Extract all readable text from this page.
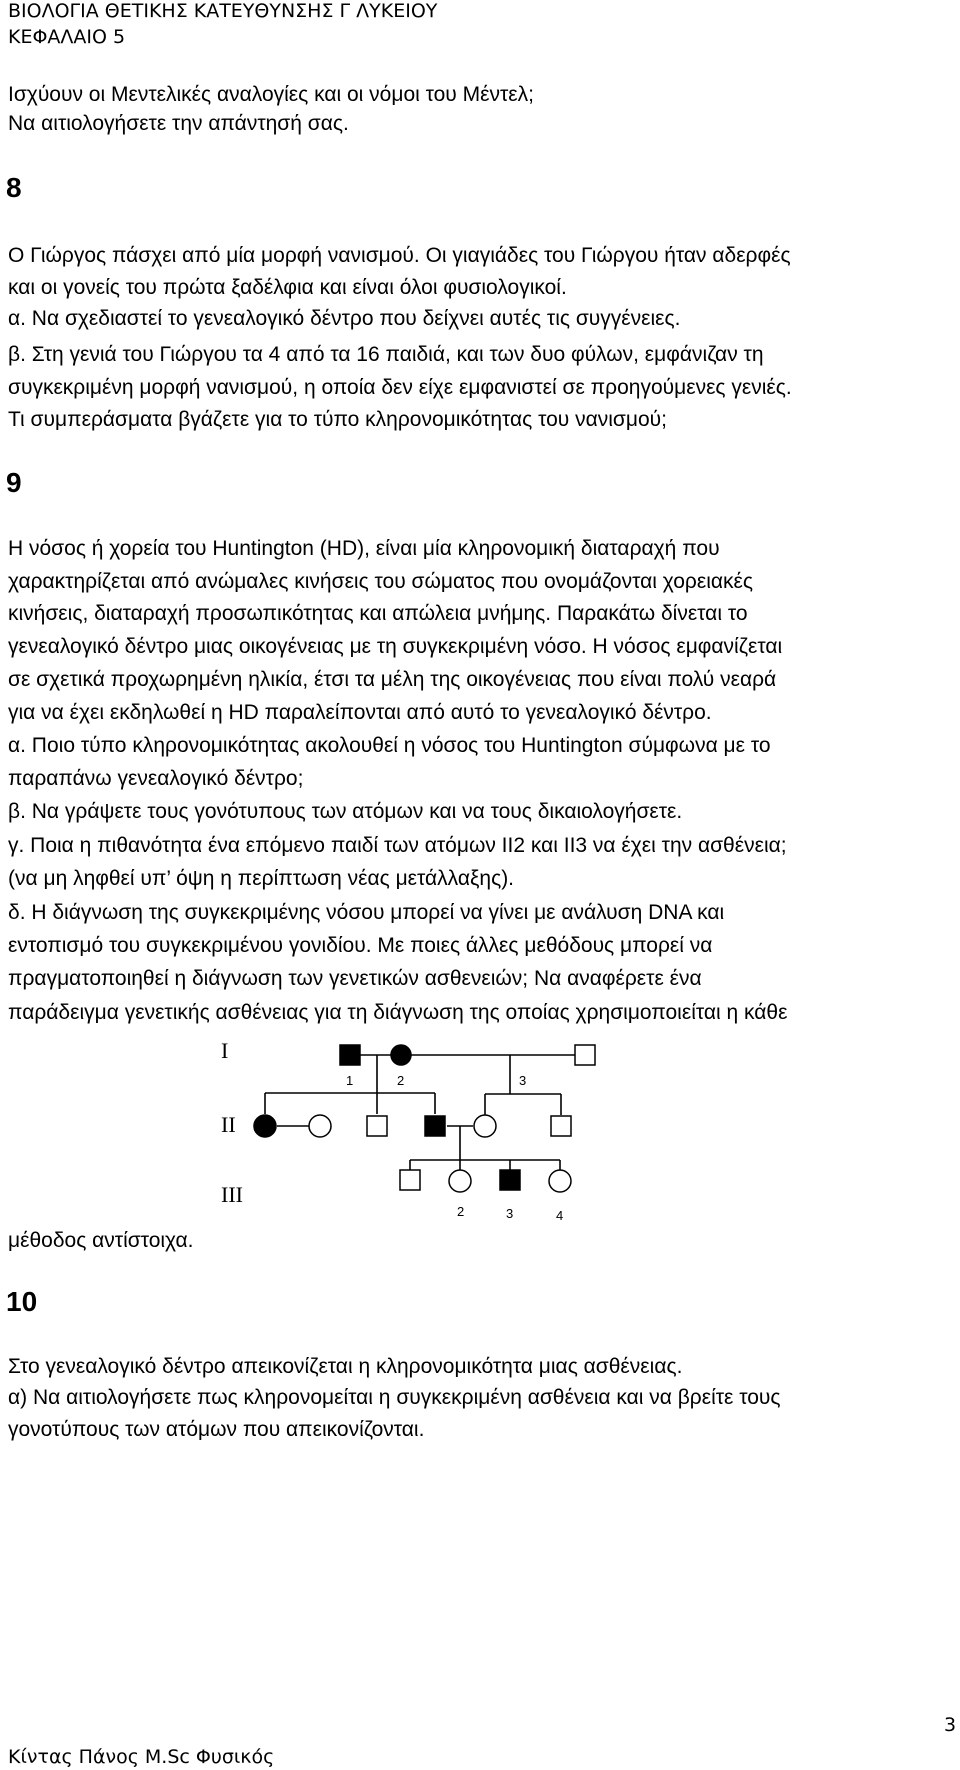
ΒΙΟΛΟΓΙΑ ΘΕΤΙΚΗΣ ΚΑΤΕΥΘΥΝΣΗΣ Γ ΛΥΚΕΙΟΥ
ΚΕΦΑΛΑΙΟ 5
Ισχύουν οι Μεντελικές αναλογίες και οι νόμοι του Μέντελ;
Να αιτιολογήσετε την απάντησή σας.
8
Ο Γιώργος πάσχει από μία μορφή νανισμού. Οι γιαγιάδες του Γιώργου ήταν αδερφές
και οι γονείς του πρώτα ξαδέλφια και είναι όλοι φυσιολογικοί.
α. Να σχεδιαστεί το γενεαλογικό δέντρο που δείχνει αυτές τις συγγένειες.
β. Στη γενιά του Γιώργου τα 4 από τα 16 παιδιά, και των δυο φύλων, εμφάνιζαν τη
συγκεκριμένη μορφή νανισμού, η οποία δεν είχε εμφανιστεί σε προηγούμενες γενιές.
Τι συμπεράσματα βγάζετε για το τύπο κληρονομικότητας του νανισμού;
9
Η νόσος ή χορεία του Huntington (HD), είναι μία κληρονομική διαταραχή που
χαρακτηρίζεται από ανώμαλες κινήσεις του σώματος που ονομάζονται χορειακές
κινήσεις, διαταραχή προσωπικότητας και απώλεια μνήμης. Παρακάτω δίνεται το
γενεαλογικό δέντρο μιας οικογένειας με τη συγκεκριμένη νόσο. Η νόσος εμφανίζεται
σε σχετικά προχωρημένη ηλικία, έτσι τα μέλη της οικογένειας που είναι πολύ νεαρά
για να έχει εκδηλωθεί η HD παραλείπονται από αυτό το γενεαλογικό δέντρο.
α. Ποιο τύπο κληρονομικότητας ακολουθεί η νόσος του Huntington σύμφωνα με το
παραπάνω γενεαλογικό δέντρο;
β. Να γράψετε τους γονότυπους των ατόμων και να τους δικαιολογήσετε.
γ. Ποια η πιθανότητα ένα επόμενο παιδί των ατόμων ΙΙ2 και ΙΙ3 να έχει την ασθένεια;
(να μη ληφθεί υπ’ όψη η περίπτωση νέας μετάλλαξης).
δ. Η διάγνωση της συγκεκριμένης νόσου μπορεί να γίνει με ανάλυση DNA και
εντοπισμό του συγκεκριμένου γονιδίου. Με ποιες άλλες μεθόδους μπορεί να
πραγματοποιηθεί η διάγνωση των γενετικών ασθενειών; Να αναφέρετε ένα
παράδειγμα γενετικής ασθένειας για τη διάγνωση της οποίας χρησιμοποιείται η κάθε
I
II
III
1	2	3
2	3	4
μέθοδος αντίστοιχα.
10
Στο γενεαλογικό δέντρο απεικονίζεται η κληρονομικότητα μιας ασθένειας.
α) Να αιτιολογήσετε πως κληρονομείται η συγκεκριμένη ασθένεια και να βρείτε τους
γονοτύπους των ατόμων που απεικονίζονται.
3
Κίντας Πάνος M.Sc Φυσικός
